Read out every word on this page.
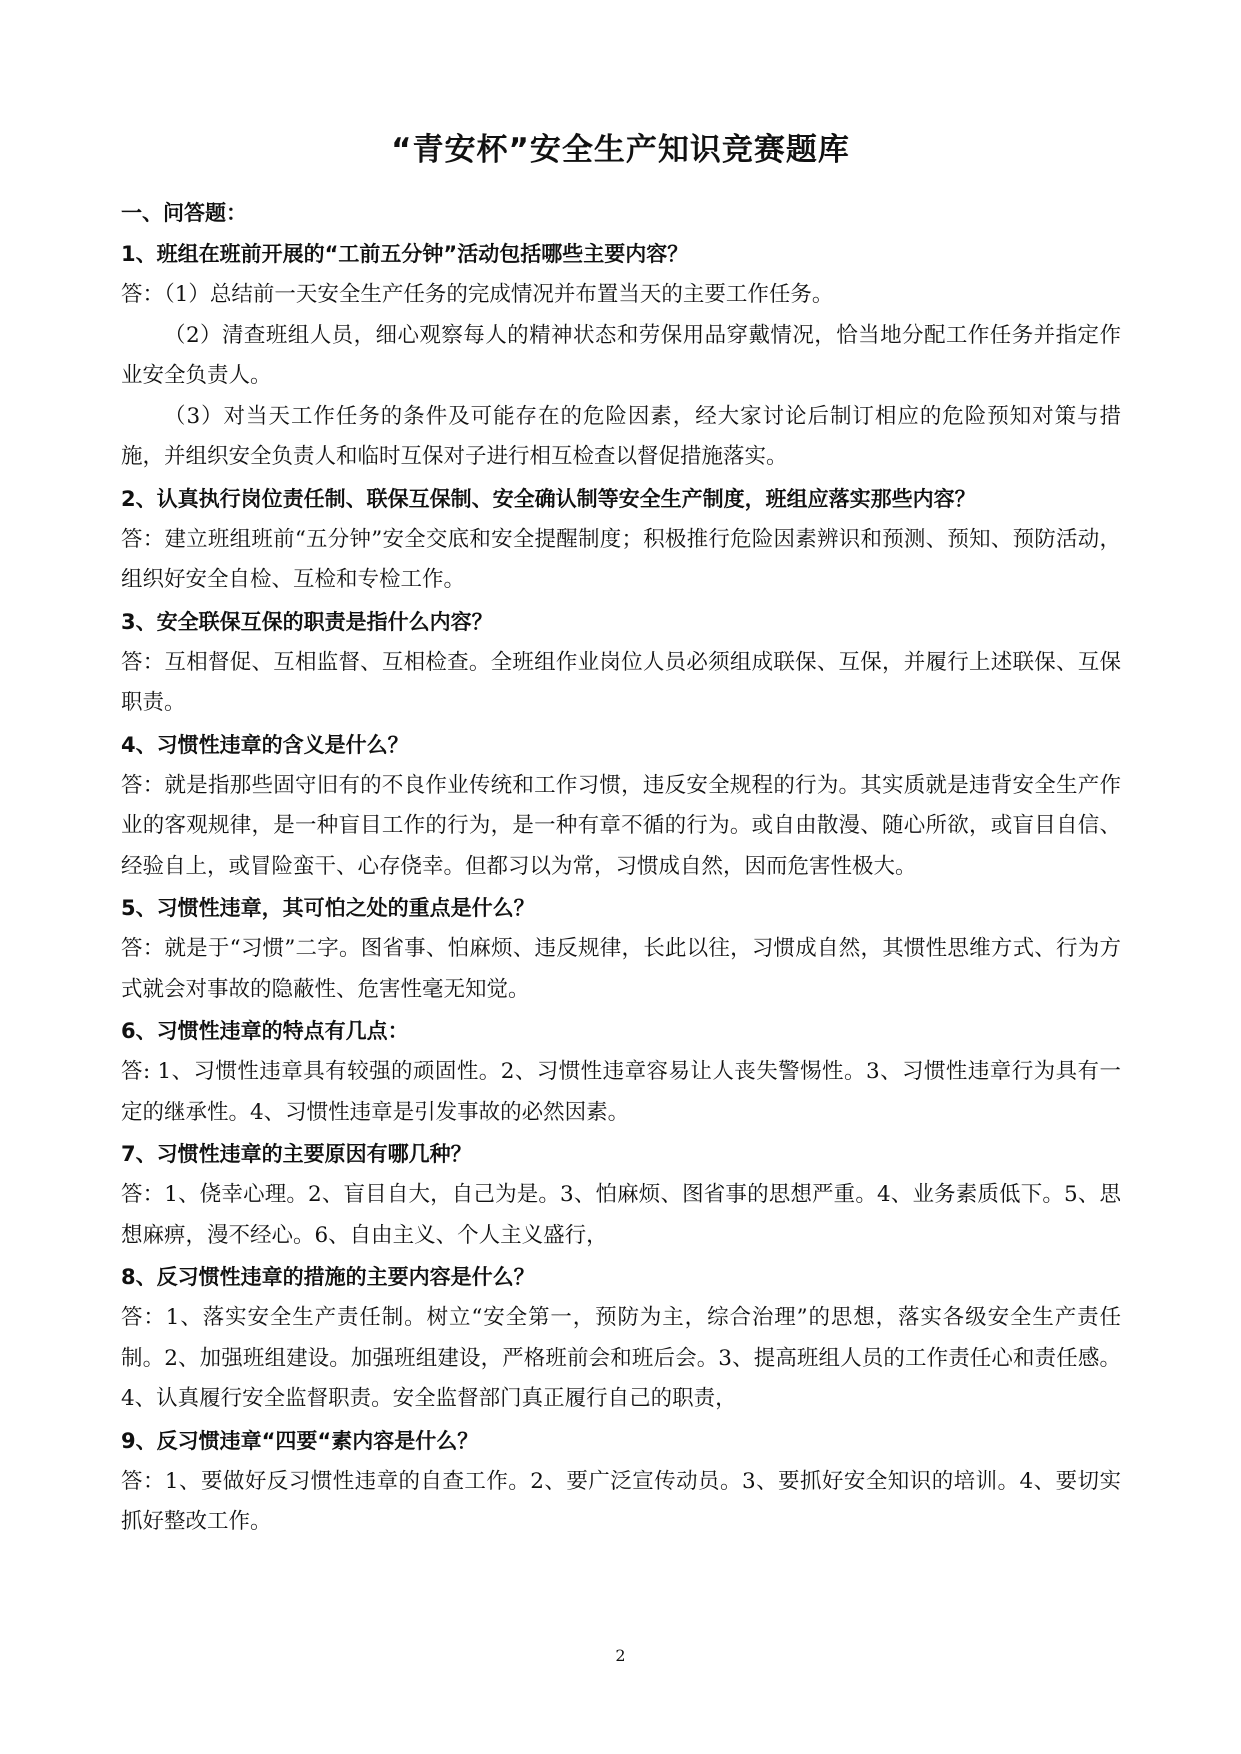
“青安杯”安全生产知识竞赛题库
一、问答题：
1、班组在班前开展的“工前五分钟”活动包括哪些主要内容？

答：（1）总结前一天安全生产任务的完成情况并布置当天的主要工作任务。

（2）清查班组人员，细心观察每人的精神状态和劳保用品穿戴情况，恰当地分配工作任务并指定作业安全负责人。

（3）对当天工作任务的条件及可能存在的危险因素，经大家讨论后制订相应的危险预知对策与措施，并组织安全负责人和临时互保对子进行相互检查以督促措施落实。

2、认真执行岗位责任制、联保互保制、安全确认制等安全生产制度，班组应落实那些内容？

答：建立班组班前“五分钟”安全交底和安全提醒制度；积极推行危险因素辨识和预测、预知、预防活动，组织好安全自检、互检和专检工作。

3、安全联保互保的职责是指什么内容？

答：互相督促、互相监督、互相检查。全班组作业岗位人员必须组成联保、互保，并履行上述联保、互保职责。

4、习惯性违章的含义是什么？

答：就是指那些固守旧有的不良作业传统和工作习惯，违反安全规程的行为。其实质就是违背安全生产作业的客观规律，是一种盲目工作的行为，是一种有章不循的行为。或自由散漫、随心所欲，或盲目自信、经验自上，或冒险蛮干、心存侥幸。但都习以为常，习惯成自然，因而危害性极大。

5、习惯性违章，其可怕之处的重点是什么？

答：就是于“习惯”二字。图省事、怕麻烦、违反规律，长此以往，习惯成自然，其惯性思维方式、行为方式就会对事故的隐蔽性、危害性毫无知觉。

6、习惯性违章的特点有几点：

答: 1、习惯性违章具有较强的顽固性。2、习惯性违章容易让人丧失警惕性。3、习惯性违章行为具有一定的继承性。4、习惯性违章是引发事故的必然因素。

7、习惯性违章的主要原因有哪几种？

答：1、侥幸心理。2、盲目自大，自己为是。3、怕麻烦、图省事的思想严重。4、业务素质低下。5、思想麻痹，漫不经心。6、自由主义、个人主义盛行，

8、反习惯性违章的措施的主要内容是什么？

答：1、落实安全生产责任制。树立“安全第一，预防为主，综合治理”的思想，落实各级安全生产责任制。2、加强班组建设。加强班组建设，严格班前会和班后会。3、提高班组人员的工作责任心和责任感。4、认真履行安全监督职责。安全监督部门真正履行自己的职责，

9、反习惯违章“四要“素内容是什么？

答：1、要做好反习惯性违章的自查工作。2、要广泛宣传动员。3、要抓好安全知识的培训。4、要切实抓好整改工作。

2
